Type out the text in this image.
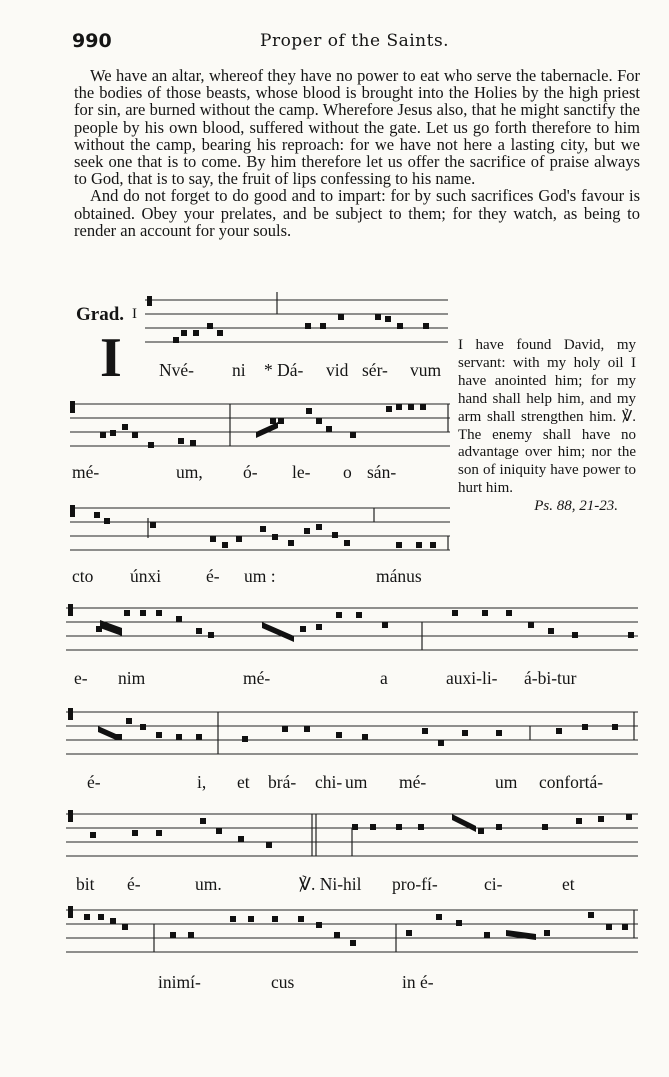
990	Proper of the Saints.

We have an altar, whereof they have no power to eat who serve the tabernacle. For the bodies of those beasts, whose blood is brought into the Holies by the high priest for sin, are burned without the camp. Wherefore Jesus also, that he might sanctify the people by his own blood, suffered without the gate. Let us go forth therefore to him without the camp, bearing his reproach: for we have not here a lasting city, but we seek one that is to come. By him therefore let us offer the sacrifice of praise always to God, that is to say, the fruit of lips confessing to his name.

And do not forget to do good and to impart: for by such sacrifices God's favour is obtained. Obey your prelates, and be subject to them; for they watch, as being to render an account for your souls.

Grad. I
I	I have found David, my servant: with my holy oil I have anointed him; for my hand shall help him, and my arm shall strengthen him. ℣. The enemy shall have no advantage over him; nor the son of iniquity have power to hurt him.
Ps. 88, 21-23.
Nvé- ni * Dá- vid sér- vum
mé-	um, ó- le- o sán-
cto únxi	é- um :	mánus
e- nim	mé-	a	auxi-li- á-bi-tur
é-	i, et brá- chi- um mé-	um confortá-
bit é-	um.	℣. Ni-hil pro-fí-	ci-	et
inimí-	cus	in é-
